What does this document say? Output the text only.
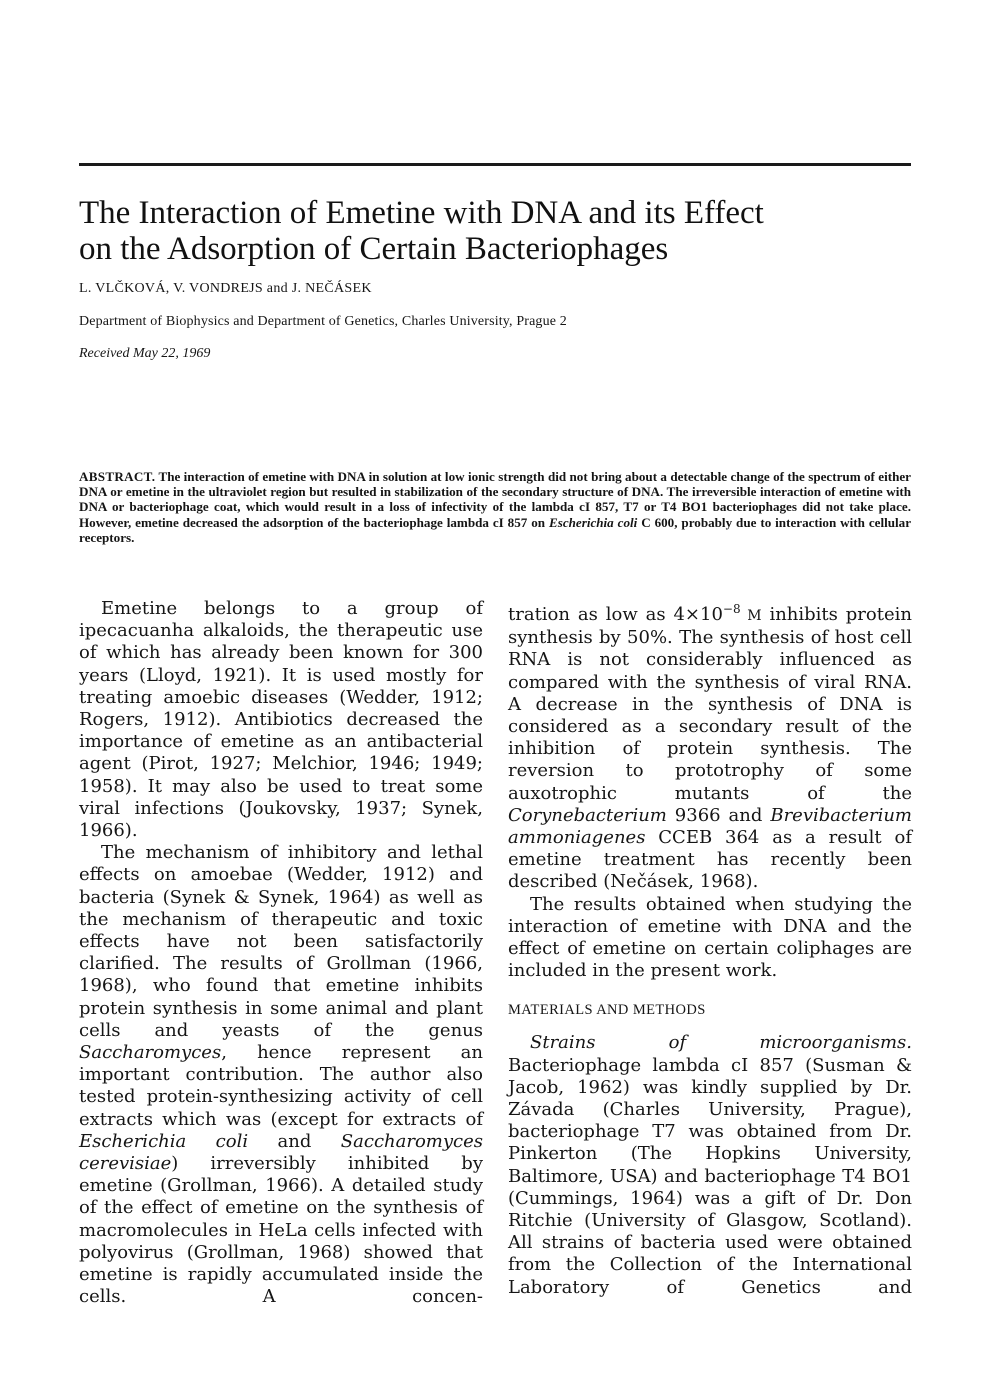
The Interaction of Emetine with DNA and its Effect
on the Adsorption of Certain Bacteriophages
L. VLČKOVÁ, V. VONDREJS and J. NEČÁSEK
Department of Biophysics and Department of Genetics, Charles University, Prague 2
Received May 22, 1969

ABSTRACT. The interaction of emetine with DNA in solution at low ionic strength did not bring about a detectable change of the spectrum of either DNA or emetine in the ultraviolet region but resulted in stabilization of the secondary structure of DNA. The irreversible interaction of emetine with DNA or bacteriophage coat, which would result in a loss of infectivity of the lambda cI 857, T7 or T4 BO1 bacteriophages did not take place. However, emetine decreased the adsorption of the bacteriophage lambda cI 857 on Escherichia coli C 600, probably due to interaction with cellular receptors.

Emetine belongs to a group of ipecacuanha alkaloids, the therapeutic use of which has already been known for 300 years (Lloyd, 1921). It is used mostly for treating amoebic diseases (Wedder, 1912; Rogers, 1912). Antibiotics decreased the importance of emetine as an antibacterial agent (Pirot, 1927; Melchior, 1946; 1949; 1958). It may also be used to treat some viral infections (Joukovsky, 1937; Synek, 1966).

The mechanism of inhibitory and lethal effects on amoebae (Wedder, 1912) and bacteria (Synek & Synek, 1964) as well as the mechanism of therapeutic and toxic effects have not been satisfactorily clarified. The results of Grollman (1966, 1968), who found that emetine inhibits protein synthesis in some animal and plant cells and yeasts of the genus Saccharomyces, hence represent an important contribution. The author also tested protein-synthesizing activity of cell extracts which was (except for extracts of Escherichia coli and Saccharomyces cerevisiae) irreversibly inhibited by emetine (Grollman, 1966). A detailed study of the effect of emetine on the synthesis of macromolecules in HeLa cells infected with polyovirus (Grollman, 1968) showed that emetine is rapidly accumulated inside the cells. A concen-

tration as low as $4\times 10^{-8}$ M inhibits protein synthesis by 50%. The synthesis of host cell RNA is not considerably influenced as compared with the synthesis of viral RNA. A decrease in the synthesis of DNA is considered as a secondary result of the inhibition of protein synthesis. The reversion to prototrophy of some auxotrophic mutants of the Corynebacterium 9366 and Brevibacterium ammoniagenes CCEB 364 as a result of emetine treatment has recently been described (Nečásek, 1968).

The results obtained when studying the interaction of emetine with DNA and the effect of emetine on certain coliphages are included in the present work.

MATERIALS AND METHODS

Strains of microorganisms. Bacteriophage lambda cI 857 (Susman & Jacob, 1962) was kindly supplied by Dr. Závada (Charles University, Prague), bacteriophage T7 was obtained from Dr. Pinkerton (The Hopkins University, Baltimore, USA) and bacteriophage T4 BO1 (Cummings, 1964) was a gift of Dr. Don Ritchie (University of Glasgow, Scotland). All strains of bacteria used were obtained from the Collection of the International Laboratory of Genetics and
